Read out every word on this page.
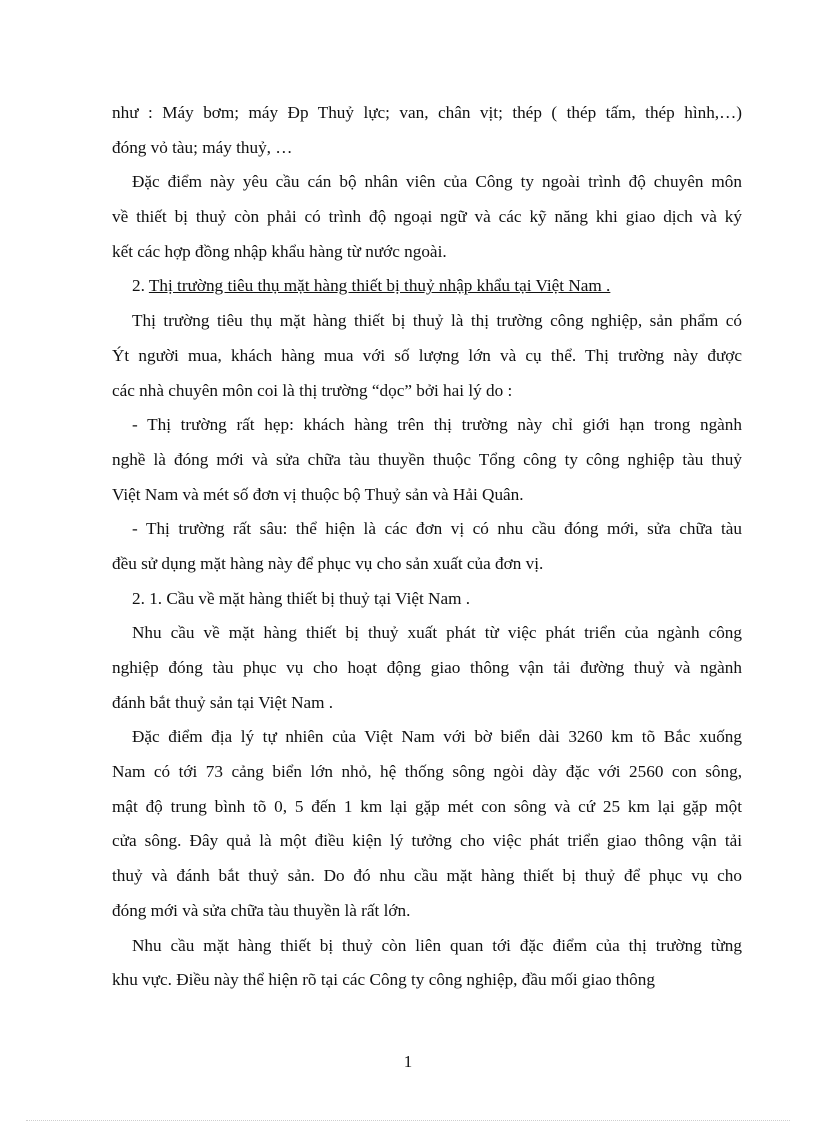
như : Máy bơm; máy Đp Thuỷ lực; van, chân vịt; thép ( thép tấm, thép hình,…)
đóng vỏ tàu; máy thuỷ, …
Đặc điểm này yêu cầu cán bộ nhân viên của Công ty ngoài trình độ chuyên môn
về thiết bị thuỷ còn phải có trình độ ngoại ngữ và các kỹ năng khi giao dịch và ký
kết các hợp đồng nhập khẩu hàng từ nước ngoài.
2. Thị trường tiêu thụ mặt hàng thiết bị thuỷ nhập khẩu tại Việt Nam .
Thị trường tiêu thụ mặt hàng thiết bị thuỷ là thị trường công nghiệp, sản phẩm có
Ýt người mua, khách hàng mua với số lượng lớn và cụ thể. Thị trường này được
các nhà chuyên môn coi là thị trường “dọc” bởi hai lý do :
- Thị trường rất hẹp: khách hàng trên thị trường này chỉ giới hạn trong ngành
nghề là đóng mới và sửa chữa tàu thuyền thuộc Tổng công ty công nghiệp tàu thuỷ
Việt Nam và mét số đơn vị thuộc bộ Thuỷ sản và Hải Quân.
- Thị trường rất sâu: thể hiện là các đơn vị có nhu cầu đóng mới, sửa chữa tàu
đều sử dụng mặt hàng này để phục vụ cho sản xuất của đơn vị.
2. 1. Cầu về mặt hàng thiết bị thuỷ tại Việt Nam .
Nhu cầu về mặt hàng thiết bị thuỷ xuất phát từ việc phát triển của ngành công
nghiệp đóng tàu phục vụ cho hoạt động giao thông vận tải đường thuỷ và ngành
đánh bắt thuỷ sản tại Việt Nam .
Đặc điểm địa lý tự nhiên của Việt Nam với bờ biển dài 3260 km tõ Bắc xuống
Nam có tới 73 cảng biển lớn nhỏ, hệ thống sông ngòi dày đặc với 2560 con sông,
mật độ trung bình tõ 0, 5 đến 1 km lại gặp mét con sông và cứ 25 km lại gặp một
cửa sông. Đây quả là một điều kiện lý tưởng cho việc phát triển giao thông vận tải
thuỷ và đánh bắt thuỷ sản. Do đó nhu cầu mặt hàng thiết bị thuỷ để phục vụ cho
đóng mới và sửa chữa tàu thuyền là rất lớn.
Nhu cầu mặt hàng thiết bị thuỷ còn liên quan tới đặc điểm của thị trường từng
khu vực. Điều này thể hiện rõ tại các Công ty công nghiệp, đầu mối giao thông
1
